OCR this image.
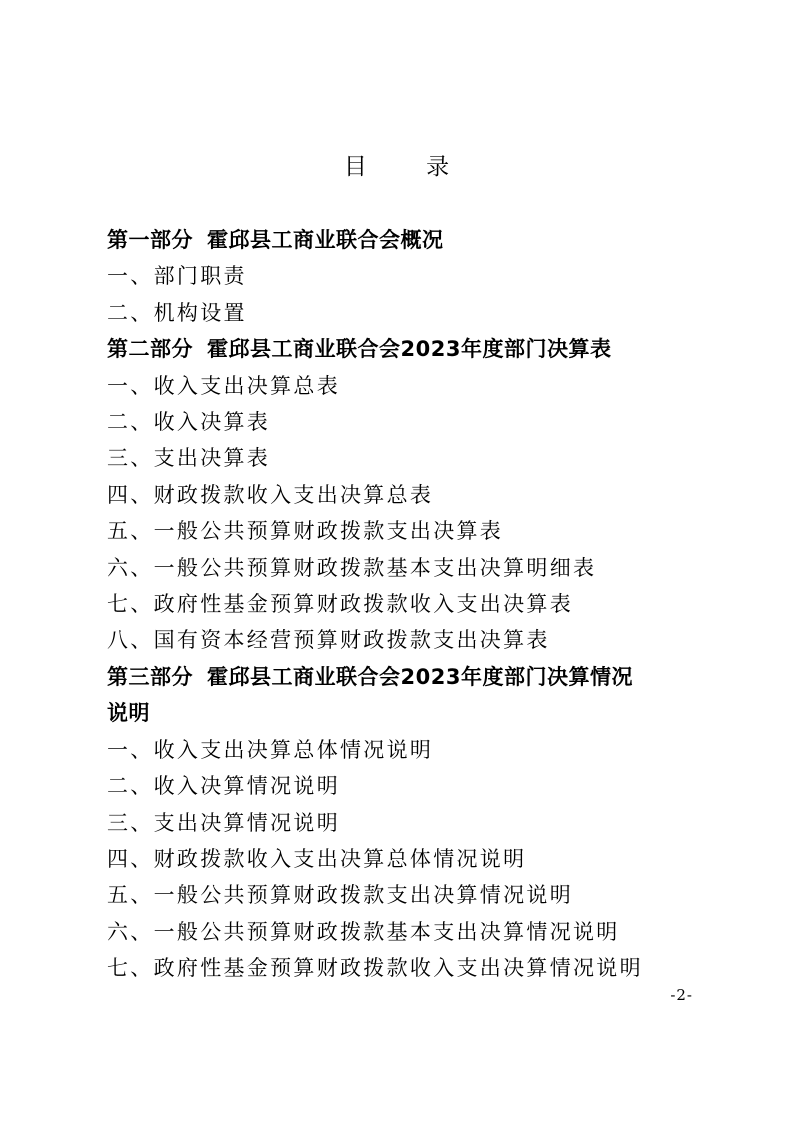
目 录
第一部分 霍邱县工商业联合会概况
一、部门职责
二、机构设置
第二部分 霍邱县工商业联合会2023年度部门决算表
一、收入支出决算总表
二、收入决算表
三、支出决算表
四、财政拨款收入支出决算总表
五、一般公共预算财政拨款支出决算表
六、一般公共预算财政拨款基本支出决算明细表
七、政府性基金预算财政拨款收入支出决算表
八、国有资本经营预算财政拨款支出决算表
第三部分 霍邱县工商业联合会2023年度部门决算情况
说明
一、收入支出决算总体情况说明
二、收入决算情况说明
三、支出决算情况说明
四、财政拨款收入支出决算总体情况说明
五、一般公共预算财政拨款支出决算情况说明
六、一般公共预算财政拨款基本支出决算情况说明
七、政府性基金预算财政拨款收入支出决算情况说明
-2-
